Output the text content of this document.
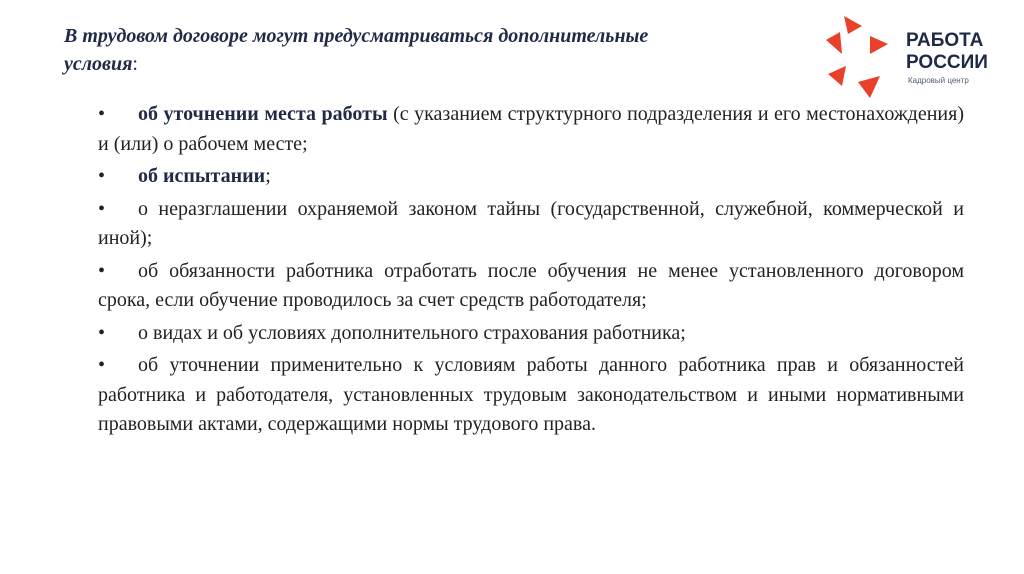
В трудовом договоре могут предусматриваться дополнительные условия:
РАБОТА
РОССИИ
Кадровый центр
• об уточнении места работы (с указанием структурного подразделения и его местонахождения) и (или) о рабочем месте;
• об испытании;
• о неразглашении охраняемой законом тайны (государственной, служебной, коммерческой и иной);
• об обязанности работника отработать после обучения не менее установленного договором срока, если обучение проводилось за счет средств работодателя;
• о видах и об условиях дополнительного страхования работника;
• об уточнении применительно к условиям работы данного работника прав и обязанностей работника и работодателя, установленных трудовым законодательством и иными нормативными правовыми актами, содержащими нормы трудового права.
